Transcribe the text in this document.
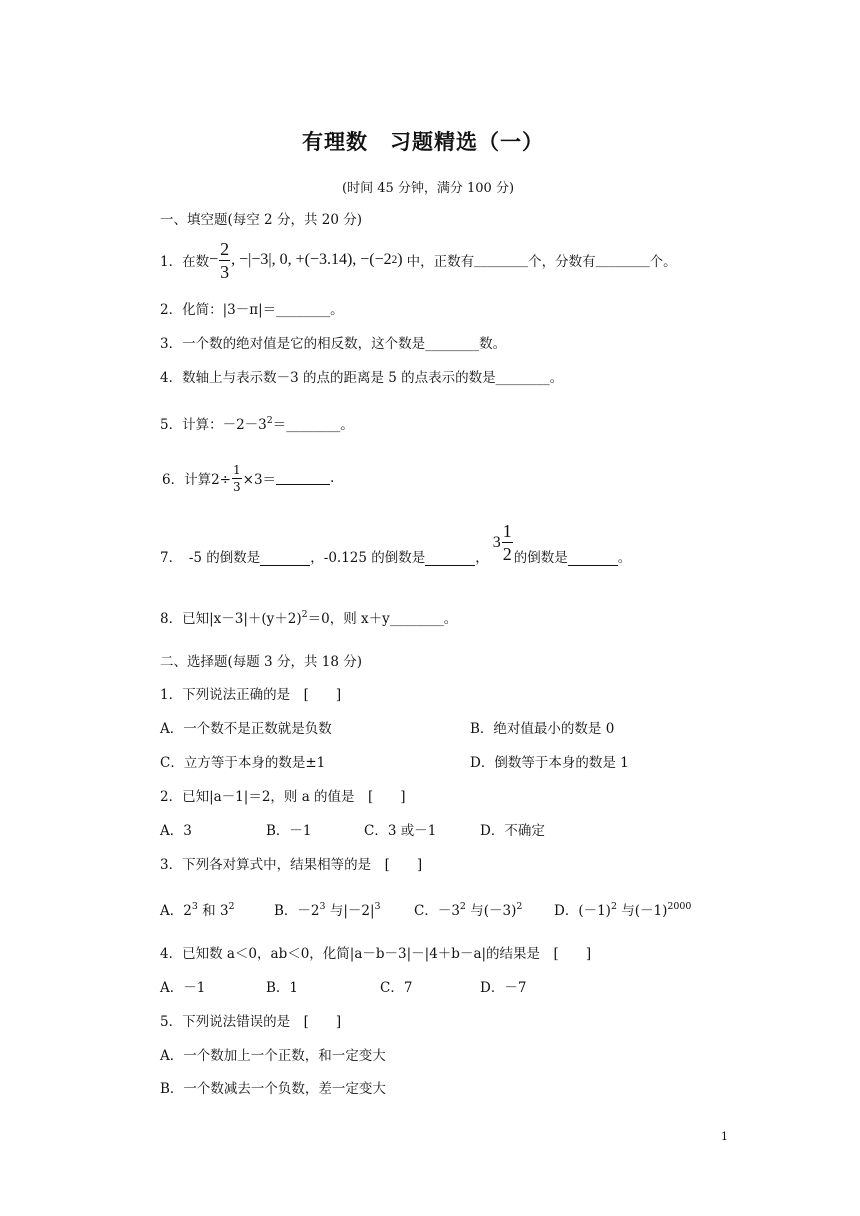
有理数　习题精选（一）
(时间 45 分钟，满分 100 分)
一、填空题(每空 2 分，共 20 分)
1．在数 − $\frac{2}{3}$ , −|−3|, 0, +(−3.14), −(−2 2 ) 中，正数有 ________ 个，分数有 ________ 个。
2．化简：|3－π|＝________。
3．一个数的绝对值是它的相反数，这个数是________数。
4．数轴上与表示数－3 的点的距离是 5 的点表示的数是________。
5．计算：$-2-3^2=\_\_\_\_\_\_\_\_$。
6．计算$2\div \frac{1}{3} \times 3=$	.
7．　-5 的倒数是	，-0.125 的倒数是	，
$3 \frac{1}{2}$ 的倒数是	。
8．已知$|x-3|+(y+2)^2=0$，则 x＋y________。
二、选择题(每题 3 分，共 18 分)
1．下列说法正确的是　[　　]
A．一个数不是正数就是负数	B．绝对值最小的数是 0
C．立方等于本身的数是±1	D．倒数等于本身的数是 1
2．已知|a－1|＝2，则 a 的值是　[　　]
A．3	B．－1	C．3 或－1	D．不确定
3．下列各对算式中，结果相等的是　[　　]
A．$2^3$ 和 $3^2$	B．$-2^3$ 与$|-2|^3$ C．$-3^2$ 与$(-3)^2$ D．$(-1)^2$ 与$(-1)^{2000}$
4．已知数 a＜0，ab＜0，化简|a－b－3|－|4＋b－a|的结果是　[　　]
A．－1	B．1	C．7	D．－7
5．下列说法错误的是　[　　]
A．一个数加上一个正数，和一定变大
B．一个数减去一个负数，差一定变大
1
